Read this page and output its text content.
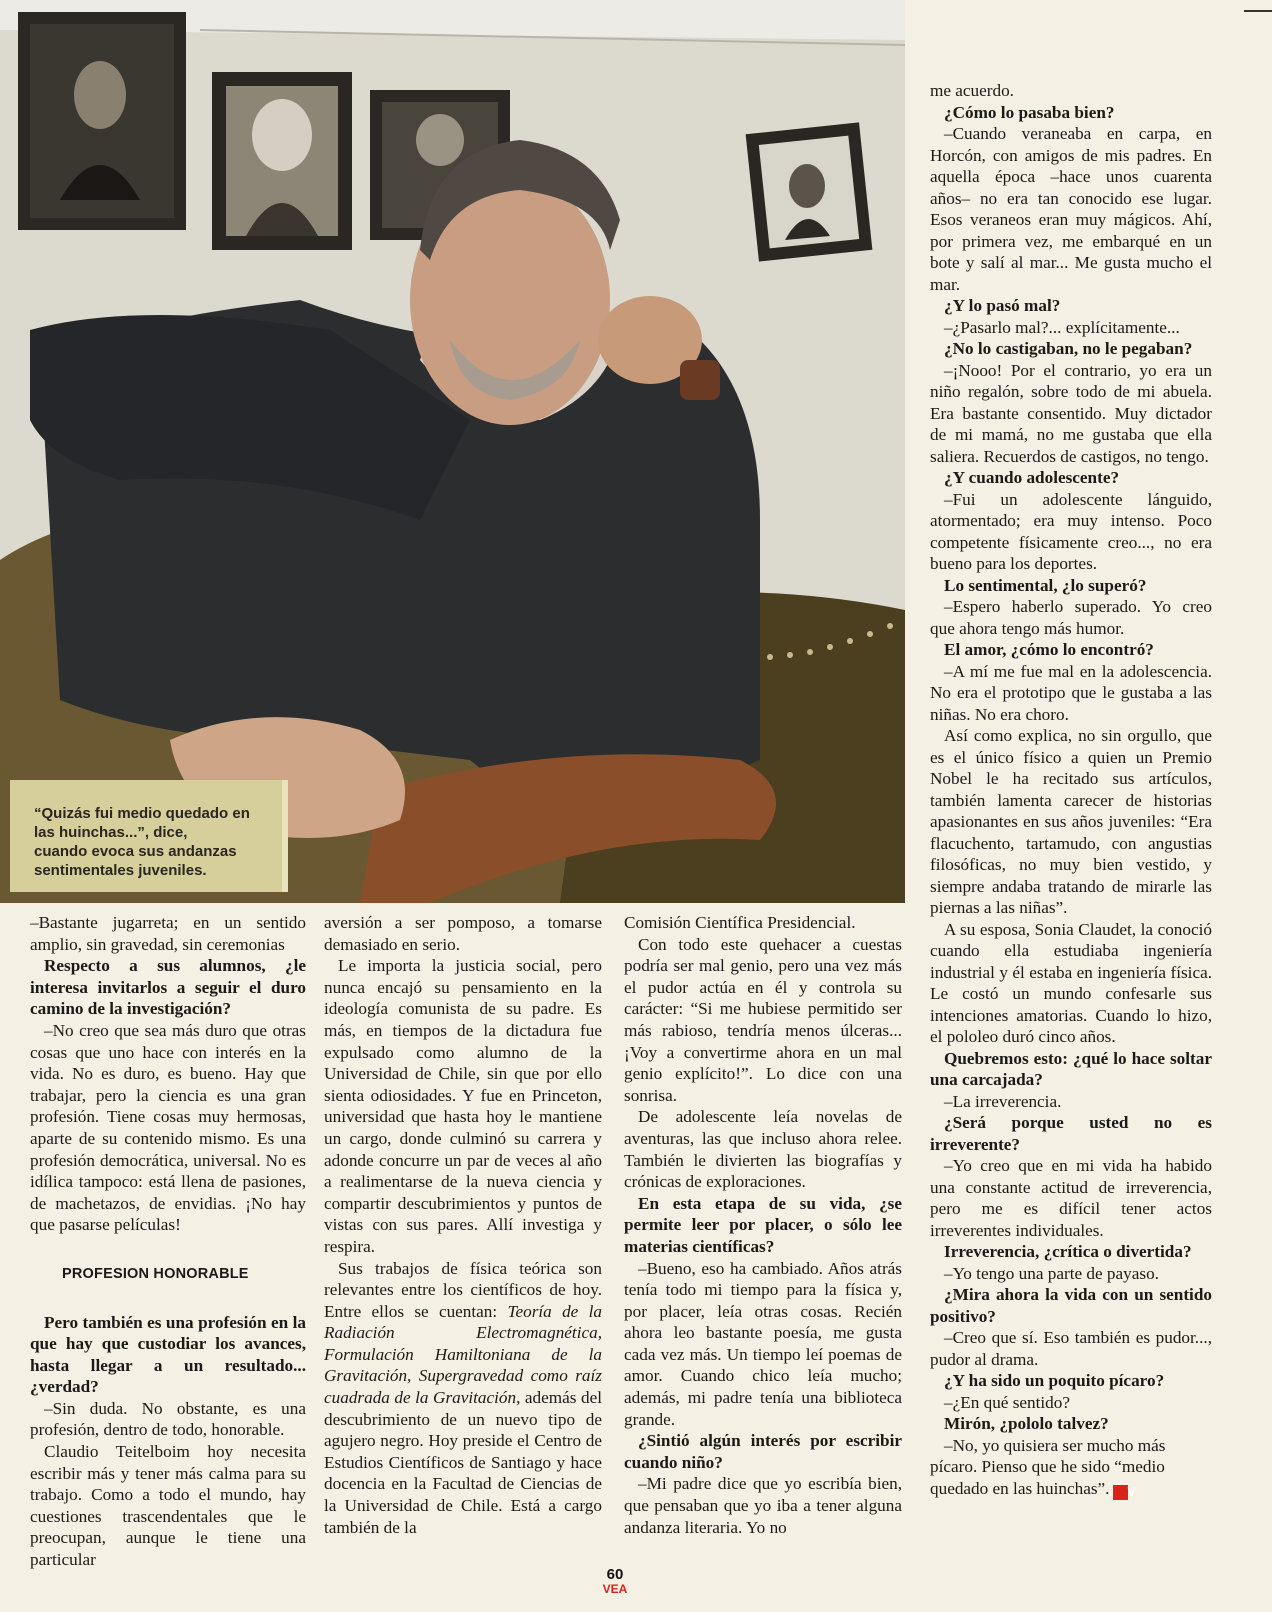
“Quizás fui medio quedado en
las huinchas...”, dice,
cuando evoca sus andanzas
sentimentales juveniles.

–Bastante jugarreta; en un sentido amplio, sin gravedad, sin ceremonias

Respecto a sus alumnos, ¿le interesa invitarlos a seguir el duro camino de la investigación?

–No creo que sea más duro que otras cosas que uno hace con interés en la vida. No es duro, es bueno. Hay que trabajar, pero la ciencia es una gran profesión. Tiene cosas muy hermosas, aparte de su contenido mismo. Es una profesión democrática, universal. No es idílica tampoco: está llena de pasiones, de machetazos, de envidias. ¡No hay que pasarse películas!

PROFESION HONORABLE

Pero también es una profesión en la que hay que custodiar los avances, hasta llegar a un resultado... ¿verdad?

–Sin duda. No obstante, es una profesión, dentro de todo, honorable.

Claudio Teitelboim hoy necesita escribir más y tener más calma para su trabajo. Como a todo el mundo, hay cuestiones trascendentales que le preocupan, aunque le tiene una particular

aversión a ser pomposo, a tomarse demasiado en serio.

Le importa la justicia social, pero nunca encajó su pensamiento en la ideología comunista de su padre. Es más, en tiempos de la dictadura fue expulsado como alumno de la Universidad de Chile, sin que por ello sienta odiosidades. Y fue en Princeton, universidad que hasta hoy le mantiene un cargo, donde culminó su carrera y adonde concurre un par de veces al año a realimentarse de la nueva ciencia y compartir descubrimientos y puntos de vistas con sus pares. Allí investiga y respira.

Sus trabajos de física teórica son relevantes entre los científicos de hoy. Entre ellos se cuentan: Teoría de la Radiación Electromagnética, Formulación Hamiltoniana de la Gravitación, Supergravedad como raíz cuadrada de la Gravitación, además del descubrimiento de un nuevo tipo de agujero negro. Hoy preside el Centro de Estudios Científicos de Santiago y hace docencia en la Facultad de Ciencias de la Universidad de Chile. Está a cargo también de la

Comisión Científica Presidencial.

Con todo este quehacer a cuestas podría ser mal genio, pero una vez más el pudor actúa en él y controla su carácter: “Si me hubiese permitido ser más rabioso, tendría menos úlceras... ¡Voy a convertirme ahora en un mal genio explícito!”. Lo dice con una sonrisa.

De adolescente leía novelas de aventuras, las que incluso ahora relee. También le divierten las biografías y crónicas de exploraciones.

En esta etapa de su vida, ¿se permite leer por placer, o sólo lee materias científicas?

–Bueno, eso ha cambiado. Años atrás tenía todo mi tiempo para la física y, por placer, leía otras cosas. Recién ahora leo bastante poesía, me gusta cada vez más. Un tiempo leí poemas de amor. Cuando chico leía mucho; además, mi padre tenía una biblioteca grande.

¿Sintió algún interés por escribir cuando niño?

–Mi padre dice que yo escribía bien, que pensaban que yo iba a tener alguna andanza literaria. Yo no

me acuerdo.

¿Cómo lo pasaba bien?

–Cuando veraneaba en carpa, en Horcón, con amigos de mis padres. En aquella época –hace unos cuarenta años– no era tan conocido ese lugar. Esos veraneos eran muy mágicos. Ahí, por primera vez, me embarqué en un bote y salí al mar... Me gusta mucho el mar.

¿Y lo pasó mal?

–¿Pasarlo mal?... explícitamente...

¿No lo castigaban, no le pegaban?

–¡Nooo! Por el contrario, yo era un niño regalón, sobre todo de mi abuela. Era bastante consentido. Muy dictador de mi mamá, no me gustaba que ella saliera. Recuerdos de castigos, no tengo.

¿Y cuando adolescente?

–Fui un adolescente lánguido, atormentado; era muy intenso. Poco competente físicamente creo..., no era bueno para los deportes.

Lo sentimental, ¿lo superó?

–Espero haberlo superado. Yo creo que ahora tengo más humor.

El amor, ¿cómo lo encontró?

–A mí me fue mal en la adolescencia. No era el prototipo que le gustaba a las niñas. No era choro.

Así como explica, no sin orgullo, que es el único físico a quien un Premio Nobel le ha recitado sus artículos, también lamenta carecer de historias apasionantes en sus años juveniles: “Era flacuchento, tartamudo, con angustias filosóficas, no muy bien vestido, y siempre andaba tratando de mirarle las piernas a las niñas”.

A su esposa, Sonia Claudet, la conoció cuando ella estudiaba ingeniería industrial y él estaba en ingeniería física. Le costó un mundo confesarle sus intenciones amatorias. Cuando lo hizo, el pololeo duró cinco años.

Quebremos esto: ¿qué lo hace soltar una carcajada?

–La irreverencia.

¿Será porque usted no es irreverente?

–Yo creo que en mi vida ha habido una constante actitud de irreverencia, pero me es difícil tener actos irreverentes individuales.

Irreverencia, ¿crítica o divertida?

–Yo tengo una parte de payaso.

¿Mira ahora la vida con un sentido positivo?

–Creo que sí. Eso también es pudor..., pudor al drama.

¿Y ha sido un poquito pícaro?

–¿En qué sentido?

Mirón, ¿pololo talvez?

–No, yo quisiera ser mucho más pícaro. Pienso que he sido “medio quedado en las huinchas”. V

60
VEA
